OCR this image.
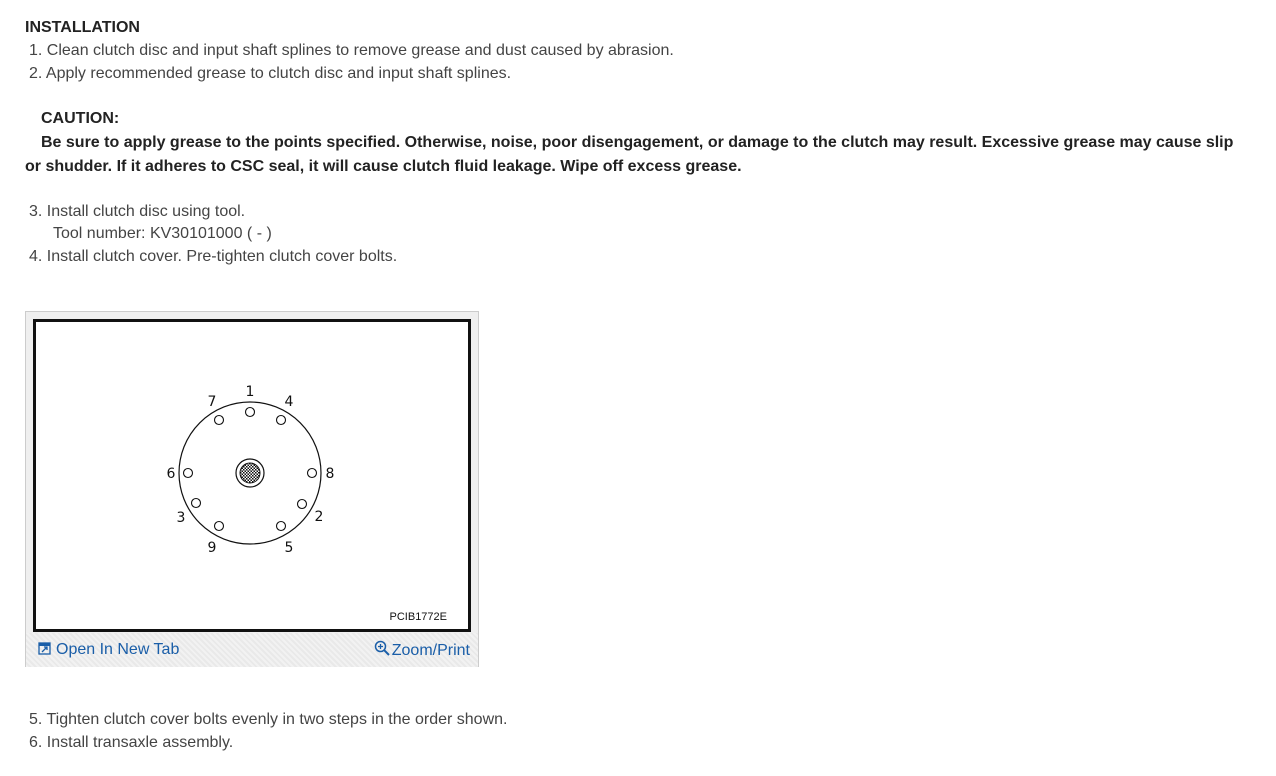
INSTALLATION
1. Clean clutch disc and input shaft splines to remove grease and dust caused by abrasion.
2. Apply recommended grease to clutch disc and input shaft splines.
CAUTION:
Be sure to apply grease to the points specified. Otherwise, noise, poor disengagement, or damage to the clutch may result. Excessive grease may cause slip or shudder. If it adheres to CSC seal, it will cause clutch fluid leakage. Wipe off excess grease.
3. Install clutch disc using tool.
Tool number: KV30101000 ( - )
4. Install clutch cover. Pre-tighten clutch cover bolts.
1
4
7
6	8
3	2
9	5
PCIB1772E
Open In New Tab	Zoom/Print
5. Tighten clutch cover bolts evenly in two steps in the order shown.
6. Install transaxle assembly.
